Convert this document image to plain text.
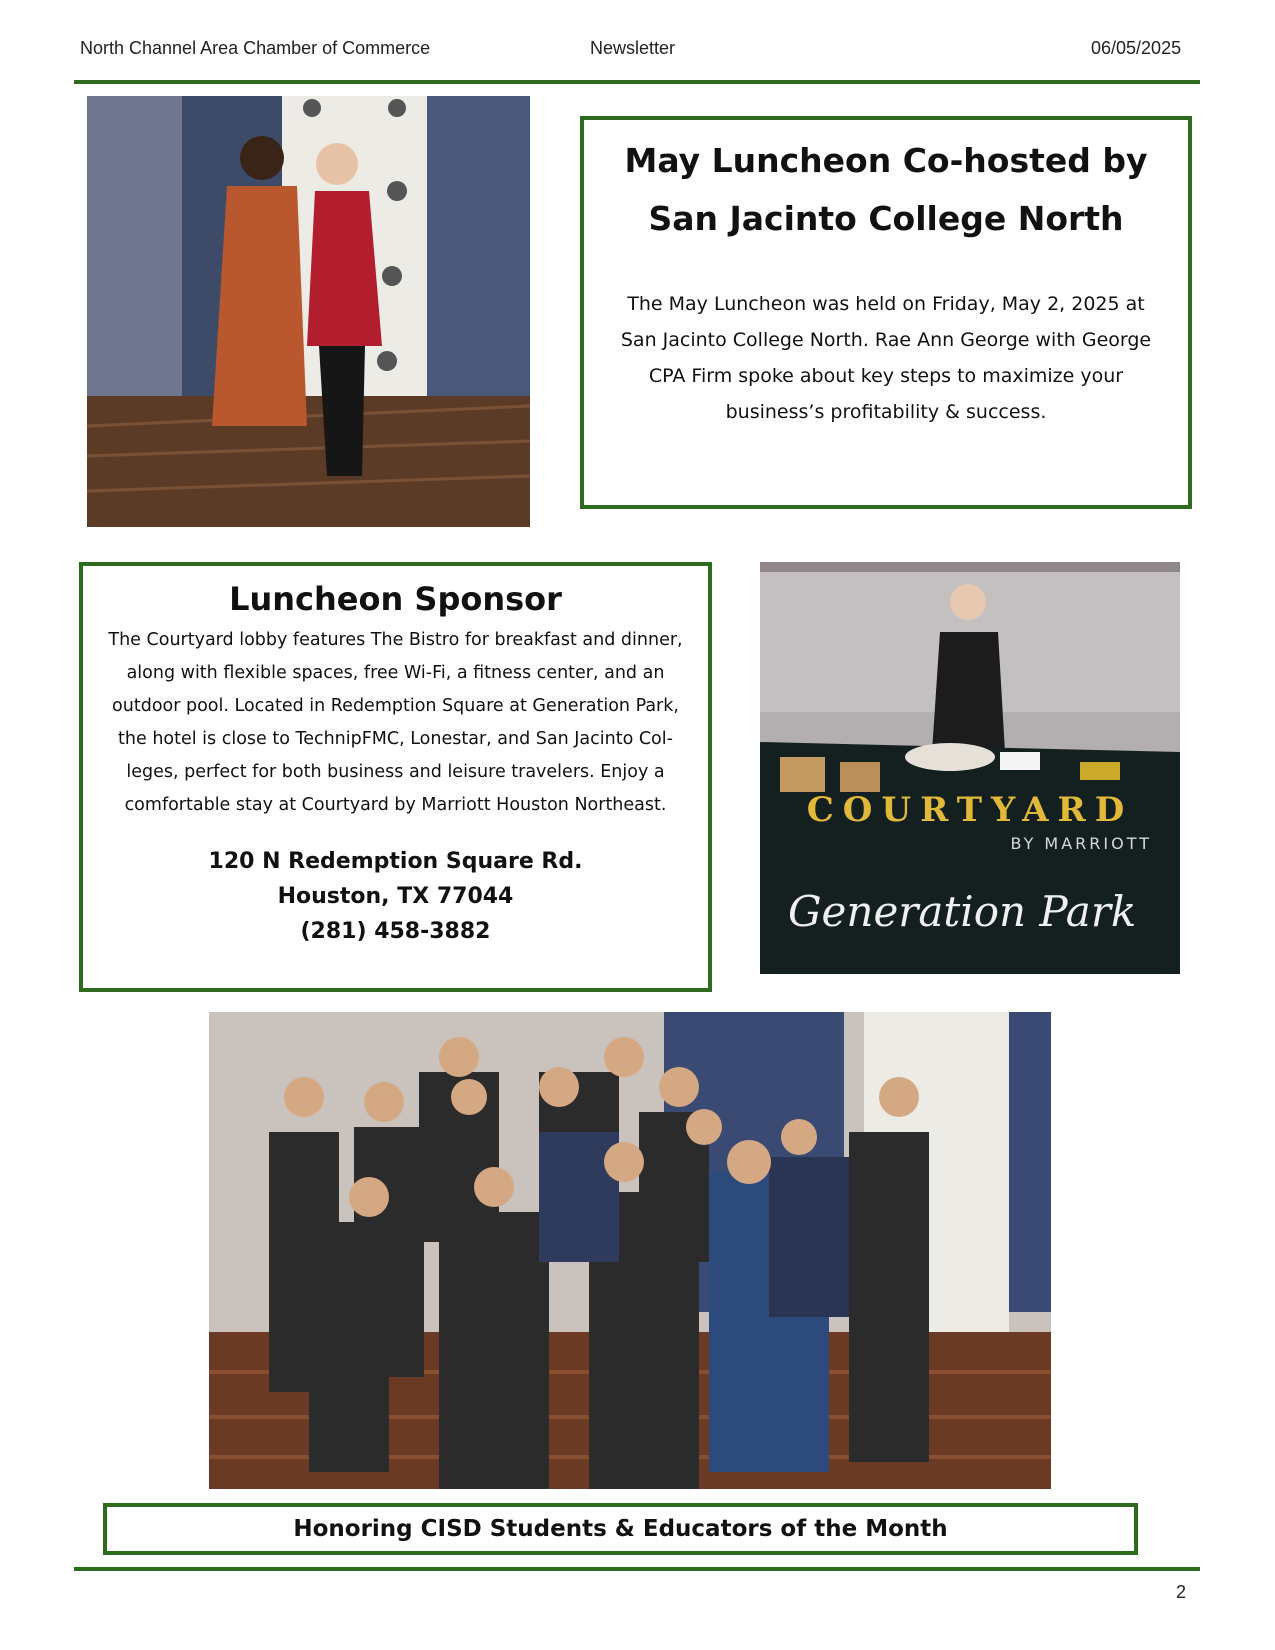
North Channel Area Chamber of Commerce	Newsletter	06/05/2025
May Luncheon Co-hosted by
San Jacinto College North
The May Luncheon was held on Friday, May 2, 2025 at
San Jacinto College North. Rae Ann George with George
CPA Firm spoke about key steps to maximize your
business’s profitability & success.
Luncheon Sponsor
The Courtyard lobby features The Bistro for breakfast and dinner,
along with flexible spaces, free Wi-Fi, a fitness center, and an
outdoor pool. Located in Redemption Square at Generation Park,
the hotel is close to TechnipFMC, Lonestar, and San Jacinto Col-
leges, perfect for both business and leisure travelers. Enjoy a
comfortable stay at Courtyard by Marriott Houston Northeast.
120 N Redemption Square Rd.
Houston, TX 77044
(281) 458-3882
COURTYARD
BY MARRIOTT
Generation Park
Honoring CISD Students & Educators of the Month
2
